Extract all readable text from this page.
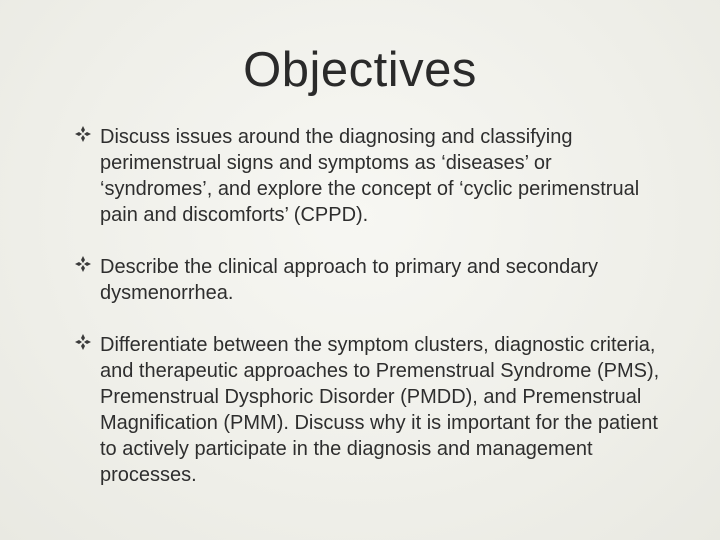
Objectives
Discuss issues around the diagnosing and classifying perimenstrual signs and symptoms as ‘diseases’ or ‘syndromes’, and explore the concept of ‘cyclic perimenstrual pain and discomforts’ (CPPD).
Describe the clinical approach to primary and secondary dysmenorrhea.
Differentiate between the symptom clusters, diagnostic criteria, and therapeutic approaches to Premenstrual Syndrome (PMS), Premenstrual Dysphoric Disorder (PMDD), and Premenstrual Magnification (PMM). Discuss why it is important for the patient to actively participate in the diagnosis and management processes.
